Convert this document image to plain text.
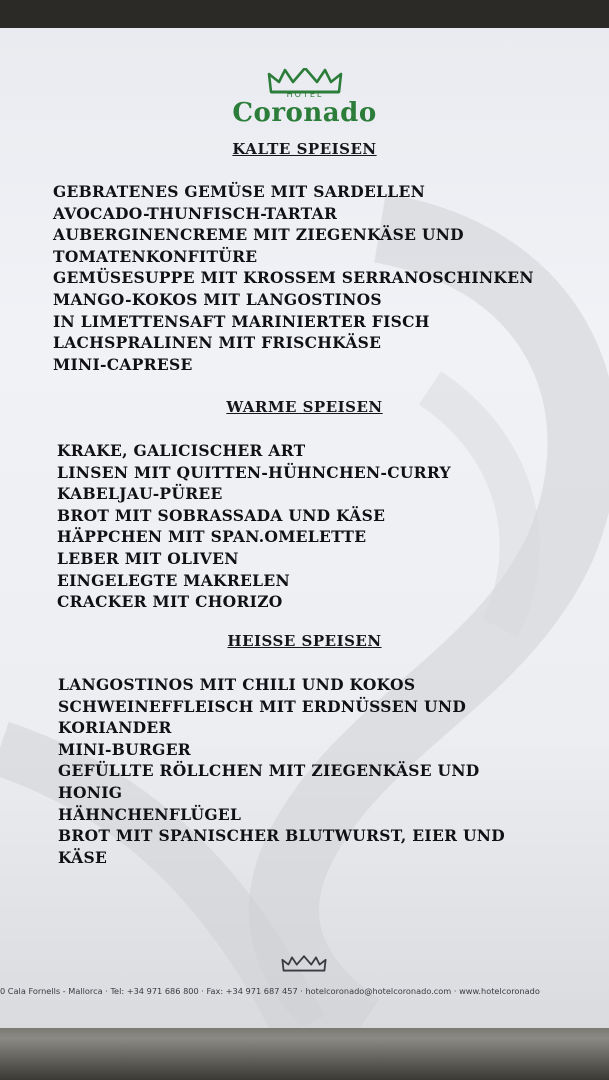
HOTEL
Coronado
KALTE SPEISEN
GEBRATENES GEMÜSE MIT SARDELLEN
AVOCADO-THUNFISCH-TARTAR
AUBERGINENCREME MIT ZIEGENKÄSE UND
TOMATENKONFITÜRE
GEMÜSESUPPE MIT KROSSEM SERRANOSCHINKEN
MANGO-KOKOS MIT LANGOSTINOS
IN LIMETTENSAFT MARINIERTER FISCH
LACHSPRALINEN MIT FRISCHKÄSE
MINI-CAPRESE
WARME SPEISEN
KRAKE, GALICISCHER ART
LINSEN MIT QUITTEN-HÜHNCHEN-CURRY
KABELJAU-PÜREE
BROT MIT SOBRASSADA UND KÄSE
HÄPPCHEN MIT SPAN.OMELETTE
LEBER MIT OLIVEN
EINGELEGTE MAKRELEN
CRACKER MIT CHORIZO
HEISSE SPEISEN
LANGOSTINOS MIT CHILI UND KOKOS
SCHWEINEFFLEISCH MIT ERDNÜSSEN UND
KORIANDER
MINI-BURGER
GEFÜLLTE RÖLLCHEN MIT ZIEGENKÄSE UND
HONIG
HÄHNCHENFLÜGEL
BROT MIT SPANISCHER BLUTWURST, EIER UND
KÄSE
0 Cala Fornells - Mallorca · Tel: +34 971 686 800 · Fax: +34 971 687 457 · hotelcoronado@hotelcoronado.com · www.hotelcoronado
